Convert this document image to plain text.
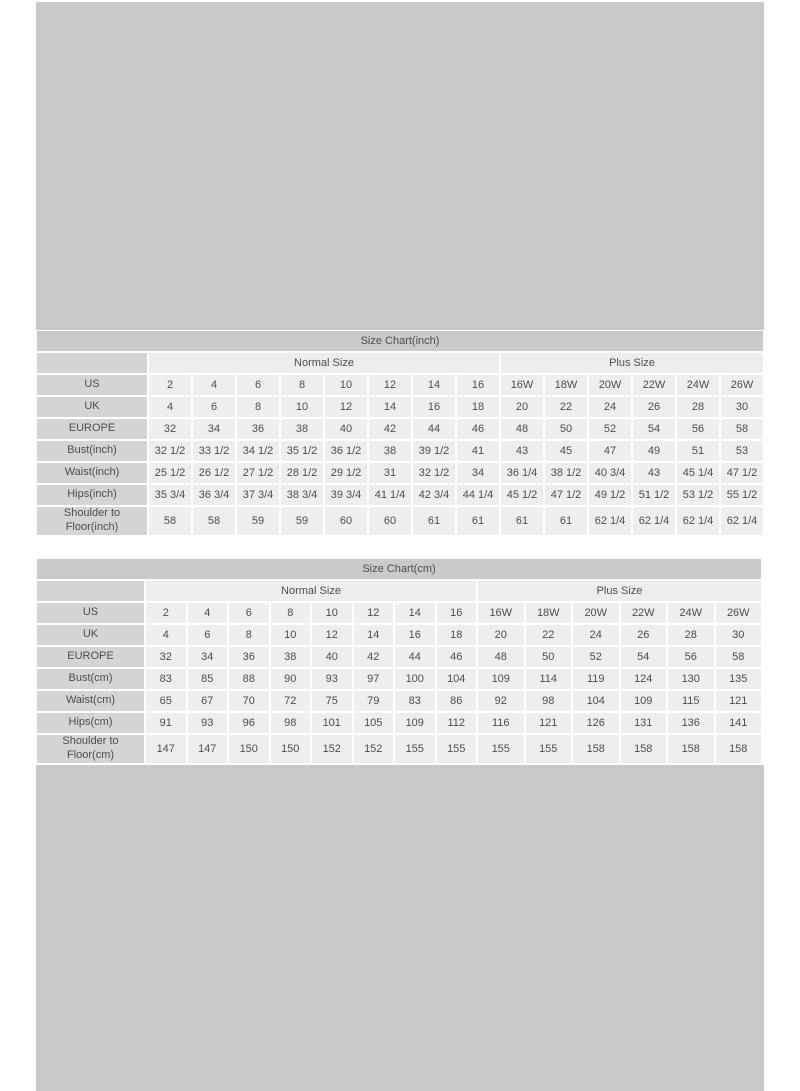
Size Chart(inch)														
	Normal Size								Plus Size					
US	2	4	6	8	10	12	14	16	16W	18W	20W	22W	24W	26W
UK	4	6	8	10	12	14	16	18	20	22	24	26	28	30
EUROPE	32	34	36	38	40	42	44	46	48	50	52	54	56	58
Bust(inch)	32 1/2	33 1/2	34 1/2	35 1/2	36 1/2	38	39 1/2	41	43	45	47	49	51	53
Waist(inch)	25 1/2	26 1/2	27 1/2	28 1/2	29 1/2	31	32 1/2	34	36 1/4	38 1/2	40 3/4	43	45 1/4	47 1/2
Hips(inch)	35 3/4	36 3/4	37 3/4	38 3/4	39 3/4	41 1/4	42 3/4	44 1/4	45 1/2	47 1/2	49 1/2	51 1/2	53 1/2	55 1/2
Shoulder to Floor(inch)	58	58	59	59	60	60	61	61	61	61	62 1/4	62 1/4	62 1/4	62 1/4
Size Chart(cm)														
	Normal Size								Plus Size					
US	2	4	6	8	10	12	14	16	16W	18W	20W	22W	24W	26W
UK	4	6	8	10	12	14	16	18	20	22	24	26	28	30
EUROPE	32	34	36	38	40	42	44	46	48	50	52	54	56	58
Bust(cm)	83	85	88	90	93	97	100	104	109	114	119	124	130	135
Waist(cm)	65	67	70	72	75	79	83	86	92	98	104	109	115	121
Hips(cm)	91	93	96	98	101	105	109	112	116	121	126	131	136	141
Shoulder to Floor(cm)	147	147	150	150	152	152	155	155	155	155	158	158	158	158
